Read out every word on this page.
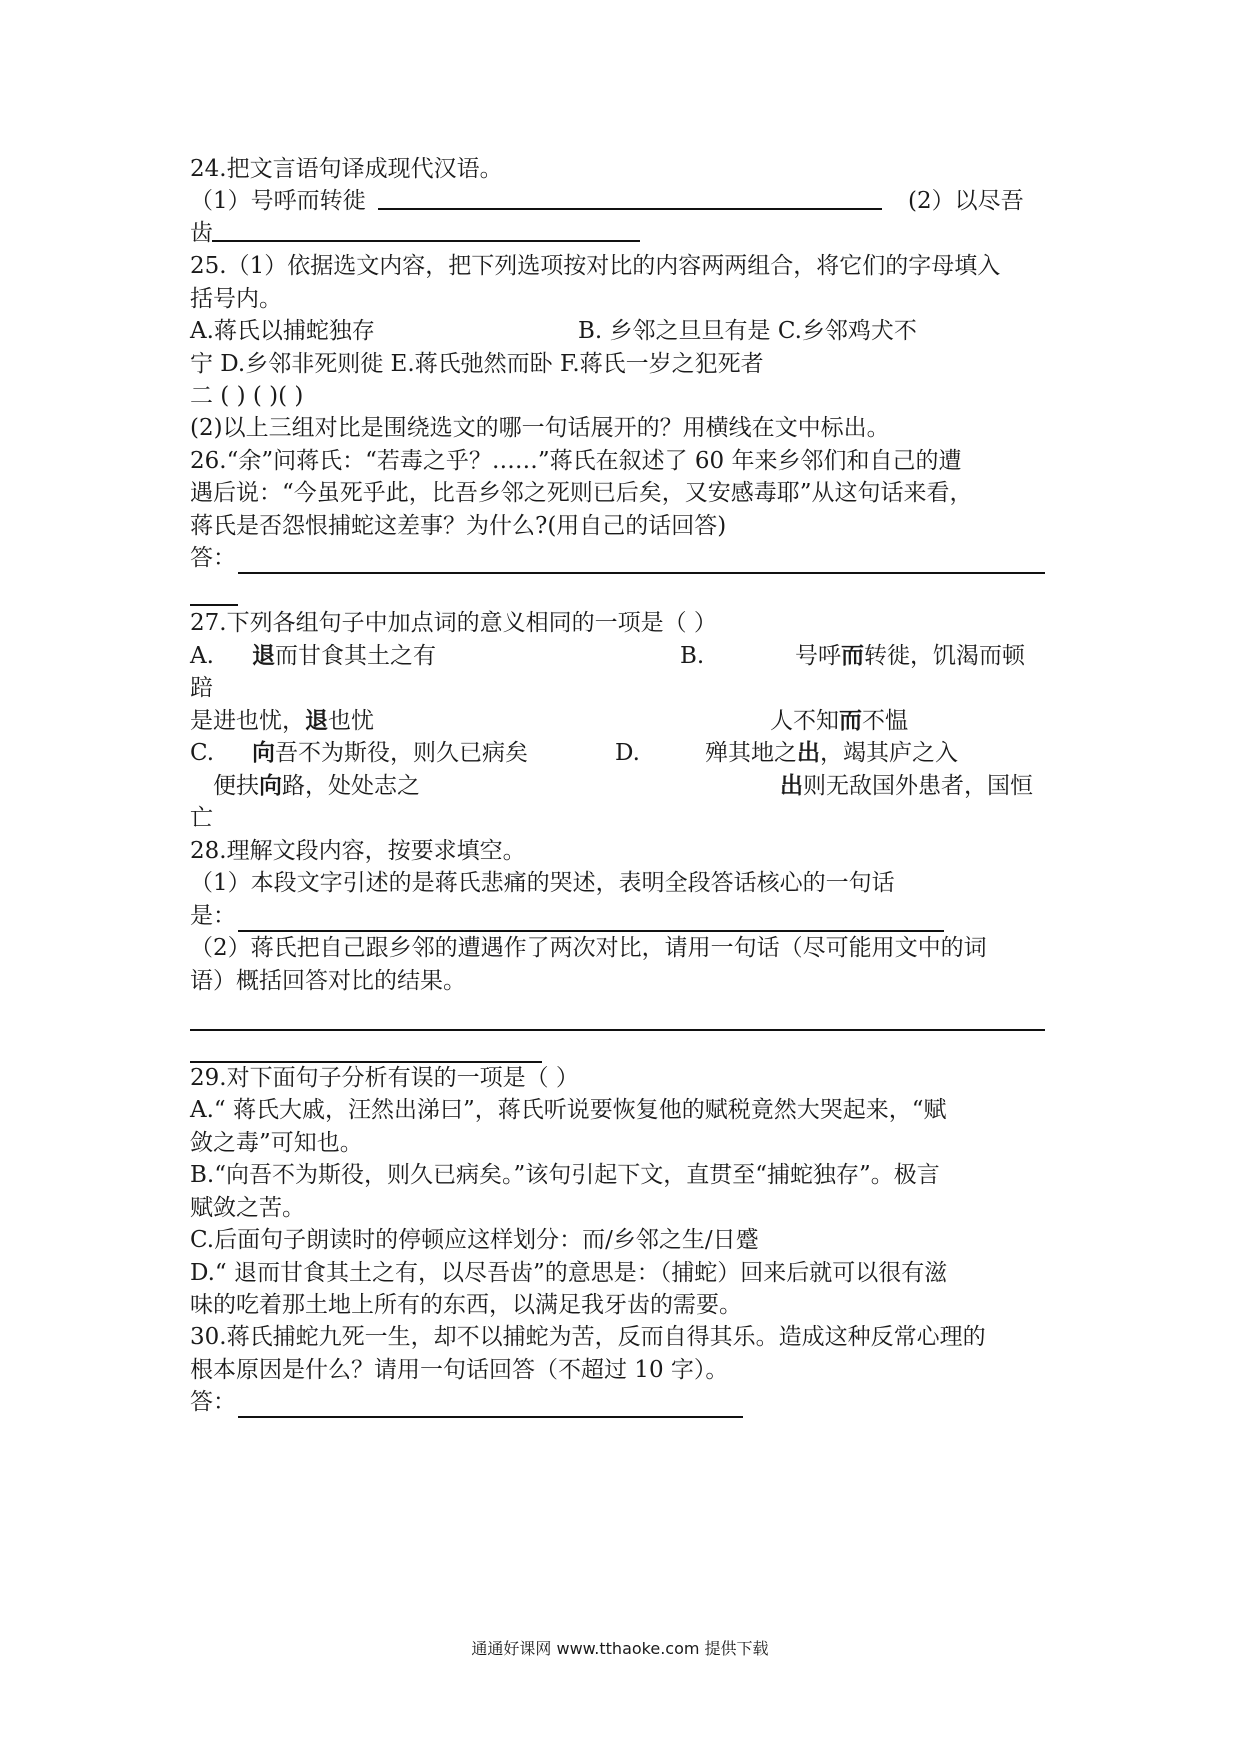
24.把文言语句译成现代汉语。
（1）号呼而转徙	(2）以尽吾
齿
25.（1）依据选文内容，把下列选项按对比的内容两两组合，将它们的字母填入
括号内。
A.蒋氏以捕蛇独存	B. 乡邻之旦旦有是 C.乡邻鸡犬不
宁 D.乡邻非死则徙 E.蒋氏弛然而卧 F.蒋氏一岁之犯死者
二 ( ) ( )( )
(2)以上三组对比是围绕选文的哪一句话展开的？用横线在文中标出。
26.“余”问蒋氏：“若毒之乎？……”蒋氏在叙述了 60 年来乡邻们和自己的遭
遇后说：“今虽死乎此，比吾乡邻之死则已后矣，又安感毒耶”从这句话来看，
蒋氏是否怨恨捕蛇这差事？为什么?(用自己的话回答)
答：
27.下列各组句子中加点词的意义相同的一项是（ ）
A. 退而甘食其土之有	B.	号呼而转徙，饥渴而顿
踣
是进也忧，退也忧	人不知而不愠
C. 向吾不为斯役，则久已病矣	D.	殚其地之出，竭其庐之入
便扶向路，处处志之	出则无敌国外患者，国恒
亡
28.理解文段内容，按要求填空。
（1）本段文字引述的是蒋氏悲痛的哭述，表明全段答话核心的一句话
是：
（2）蒋氏把自己跟乡邻的遭遇作了两次对比，请用一句话（尽可能用文中的词
语）概括回答对比的结果。
29.对下面句子分析有误的一项是（ ）
A.“ 蒋氏大戚，汪然出涕曰”，蒋氏听说要恢复他的赋税竟然大哭起来，“赋
敛之毒”可知也。
B.“向吾不为斯役，则久已病矣。”该句引起下文，直贯至“捕蛇独存”。极言
赋敛之苦。
C.后面句子朗读时的停顿应这样划分：而/乡邻之生/日蹙
D.“ 退而甘食其土之有，以尽吾齿”的意思是：（捕蛇）回来后就可以很有滋
味的吃着那土地上所有的东西，以满足我牙齿的需要。
30.蒋氏捕蛇九死一生，却不以捕蛇为苦，反而自得其乐。造成这种反常心理的
根本原因是什么？请用一句话回答（不超过 10 字）。
答：
通通好课网 www.tthaoke.com 提供下载
